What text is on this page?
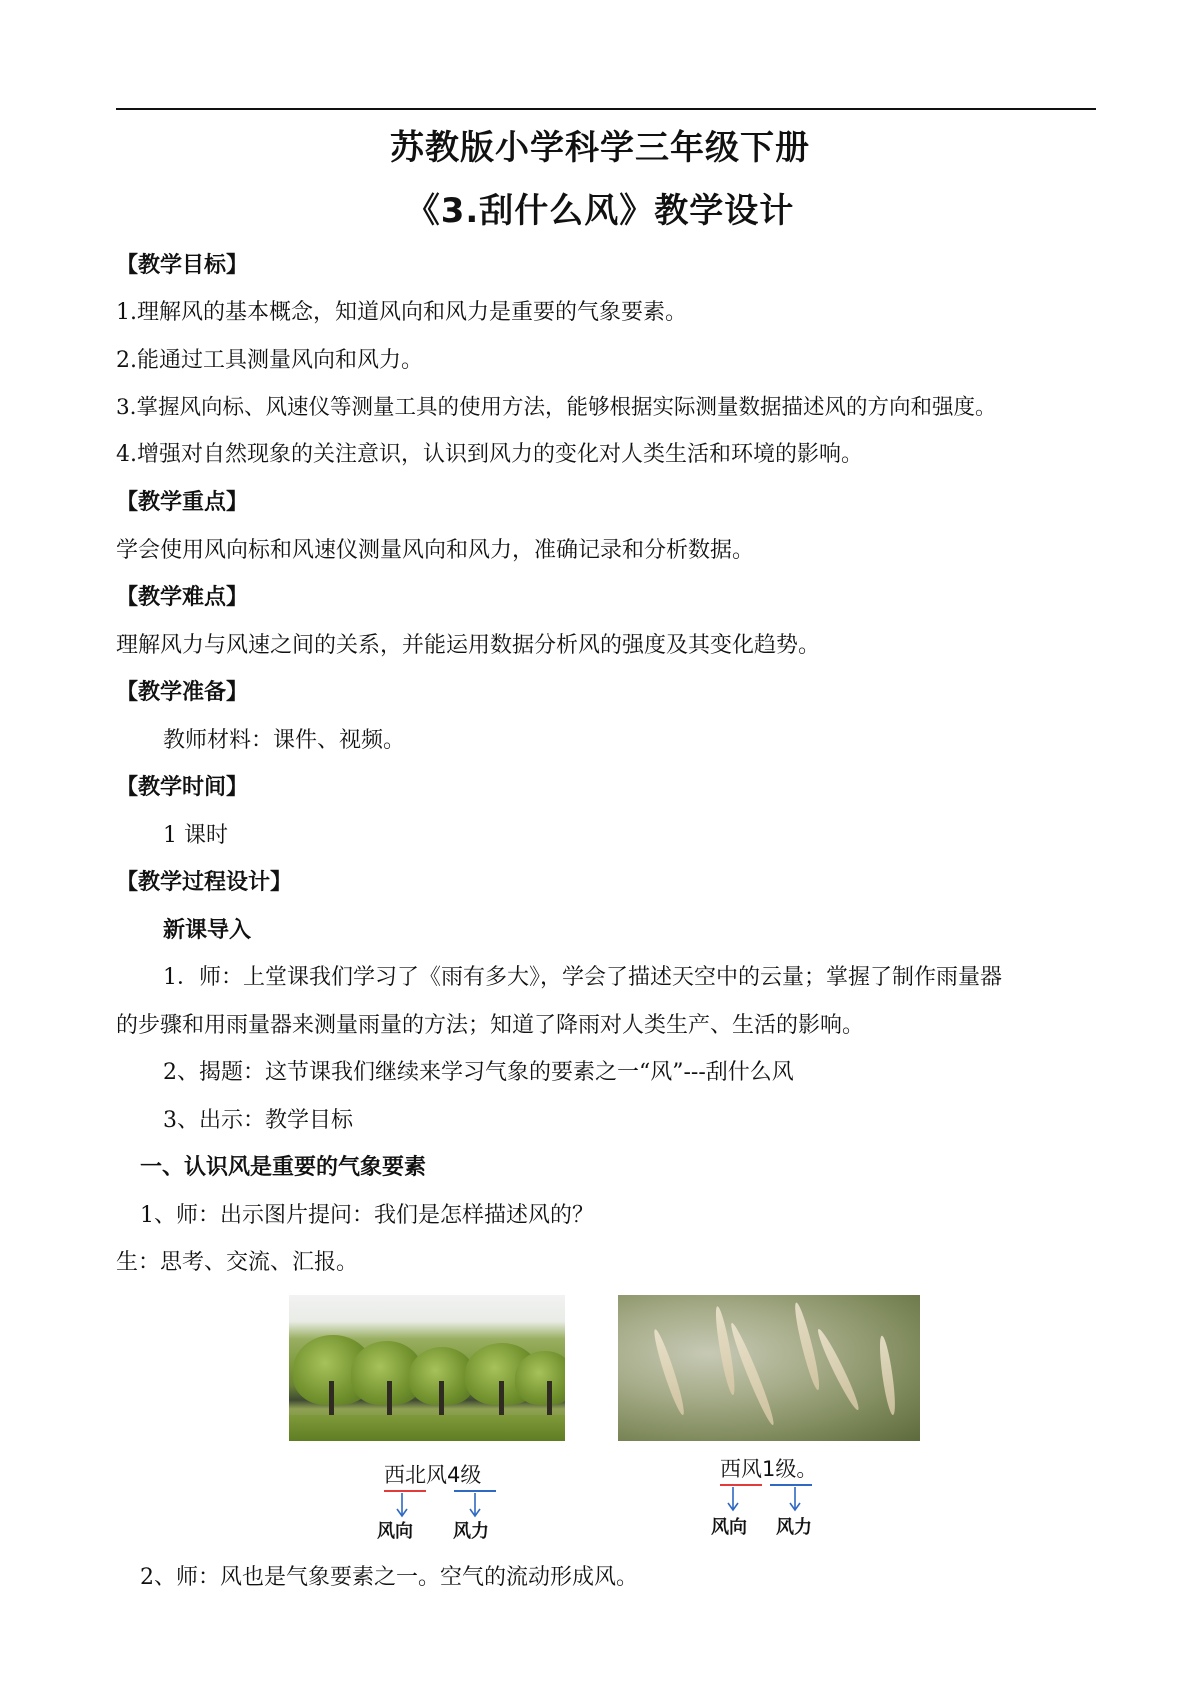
苏教版小学科学三年级下册
《3.刮什么风》教学设计
【教学目标】
1.理解风的基本概念，知道风向和风力是重要的气象要素。
2.能通过工具测量风向和风力。
3.掌握风向标、风速仪等测量工具的使用方法，能够根据实际测量数据描述风的方向和强度。
4.增强对自然现象的关注意识，认识到风力的变化对人类生活和环境的影响。
【教学重点】
学会使用风向标和风速仪测量风向和风力，准确记录和分析数据。
【教学难点】
理解风力与风速之间的关系，并能运用数据分析风的强度及其变化趋势。
【教学准备】
教师材料：课件、视频。
【教学时间】
1 课时
【教学过程设计】
新课导入
1．师：上堂课我们学习了《雨有多大》，学会了描述天空中的云量；掌握了制作雨量器
的步骤和用雨量器来测量雨量的方法；知道了降雨对人类生产、生活的影响。
2、揭题：这节课我们继续来学习气象的要素之一“风”---刮什么风
3、出示：教学目标
一、认识风是重要的气象要素
1、师：出示图片提问：我们是怎样描述风的？
生：思考、交流、汇报。
西北风4级
风向 风力
西风1级。
风向 风力
2、师：风也是气象要素之一。空气的流动形成风。
